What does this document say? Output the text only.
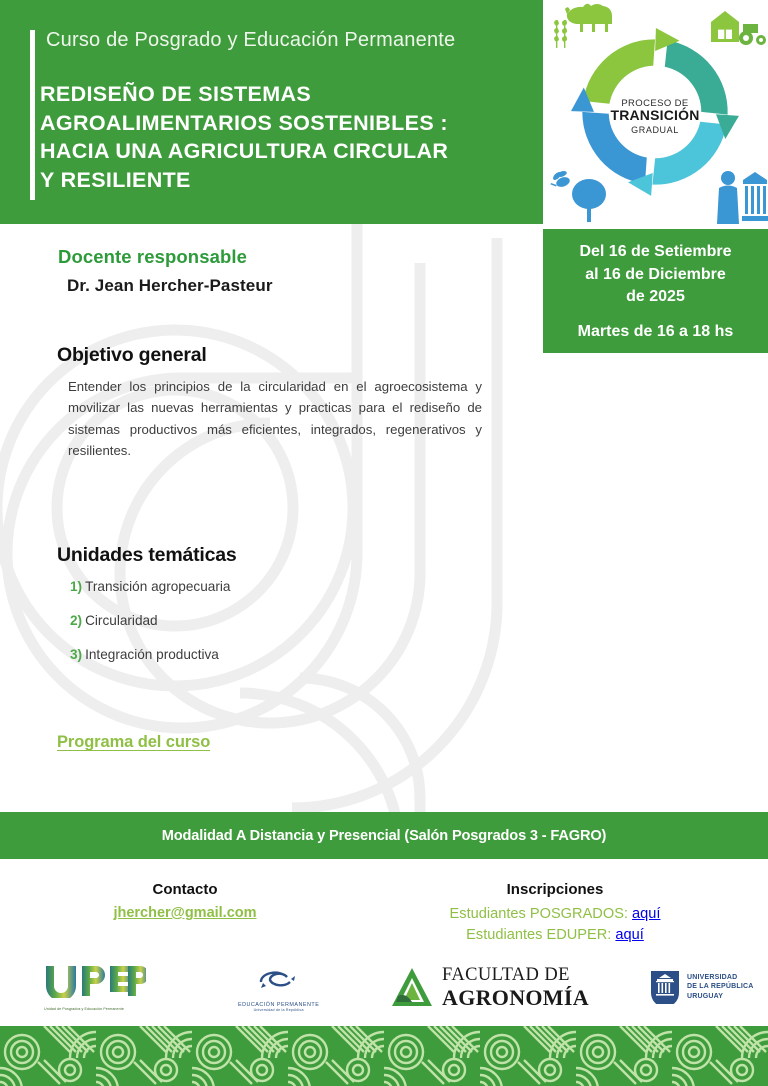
Curso de Posgrado y Educación Permanente
REDISEÑO DE SISTEMAS
AGROALIMENTARIOS SOSTENIBLES :
HACIA UNA AGRICULTURA CIRCULAR
Y RESILIENTE
PROCESO DE
TRANSICIÓN
GRADUAL
Del 16 de Setiembre
al 16 de Diciembre
de 2025
Martes de 16 a 18 hs
Docente responsable
Dr. Jean Hercher-Pasteur
Objetivo general
Entender los principios de la circularidad en el agroecosistema y movilizar las nuevas herramientas y practicas para el rediseño de sistemas productivos más eficientes, integrados, regenerativos y resilientes.
Unidades temáticas
1) Transición agropecuaria
2) Circularidad
3) Integración productiva
Programa del curso
Modalidad A Distancia y Presencial (Salón Posgrados 3 - FAGRO)
Contacto
jhercher@gmail.com
Inscripciones
Estudiantes POSGRADOS: aquí
Estudiantes EDUPER: aquí
Unidad de Posgrados y Educación Permanente
EDUCACIÓN PERMANENTE
Universidad de la República
FACULTAD DE
AGRONOMÍA
UNIVERSIDAD
DE LA REPÚBLICA
URUGUAY
